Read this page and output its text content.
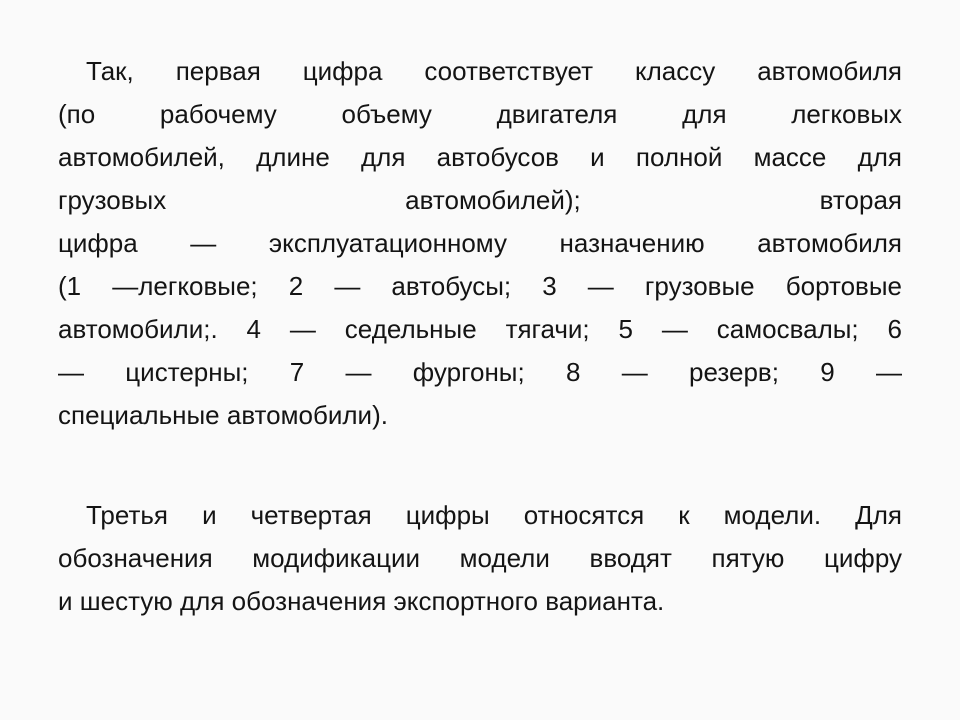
Так, первая цифра соответствует классу автомобиля
(по рабочему объему двигателя для легковых
автомобилей, длине для автобусов и полной массе для
грузовых автомобилей); вторая
цифра — эксплуатационному назначению автомобиля
(1 —легковые; 2 — автобусы; 3 — грузовые бортовые
автомобили;. 4 — седельные тягачи; 5 — самосвалы; 6
— цистерны; 7 — фургоны; 8 — резерв; 9 —
специальные автомобили).
Третья и четвертая цифры относятся к модели. Для
обозначения модификации модели вводят пятую цифру
и шестую для обозначения экспортного варианта.
